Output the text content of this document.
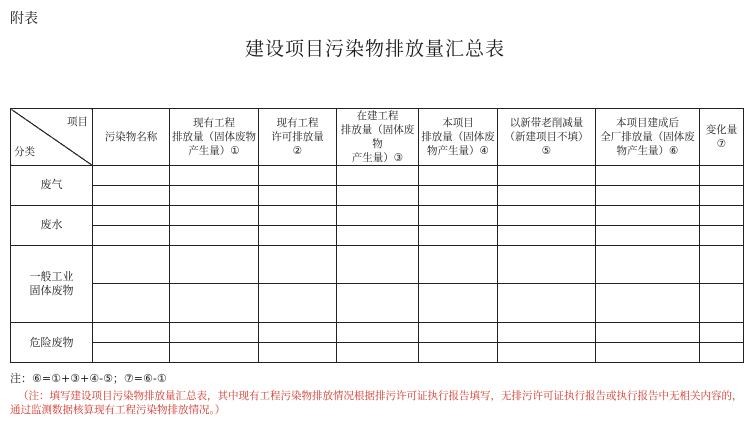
附表
建设项目污染物排放量汇总表
项目
分类	污染物名称	现有工程
排放量（固体废物
产生量）①	现有工程
许可排放量
②	在建工程
排放量（固体废物
产生量）③	本项目
排放量（固体废
物产生量）④	以新带老削减量
（新建项目不填）
⑤	本项目建成后
全厂排放量（固体废
物产生量）⑥	变化量
⑦

废气								

废水								

一般工业
固体废物								

危险废物								

注：⑥=①+③+④-⑤；⑦=⑥-①
（注：填写建设项目污染物排放量汇总表，其中现有工程污染物排放情况根据排污许可证执行报告填写，无排污许可证执行报告或执行报告中无相关内容的，通过监测数据核算现有工程污染物排放情况。）
